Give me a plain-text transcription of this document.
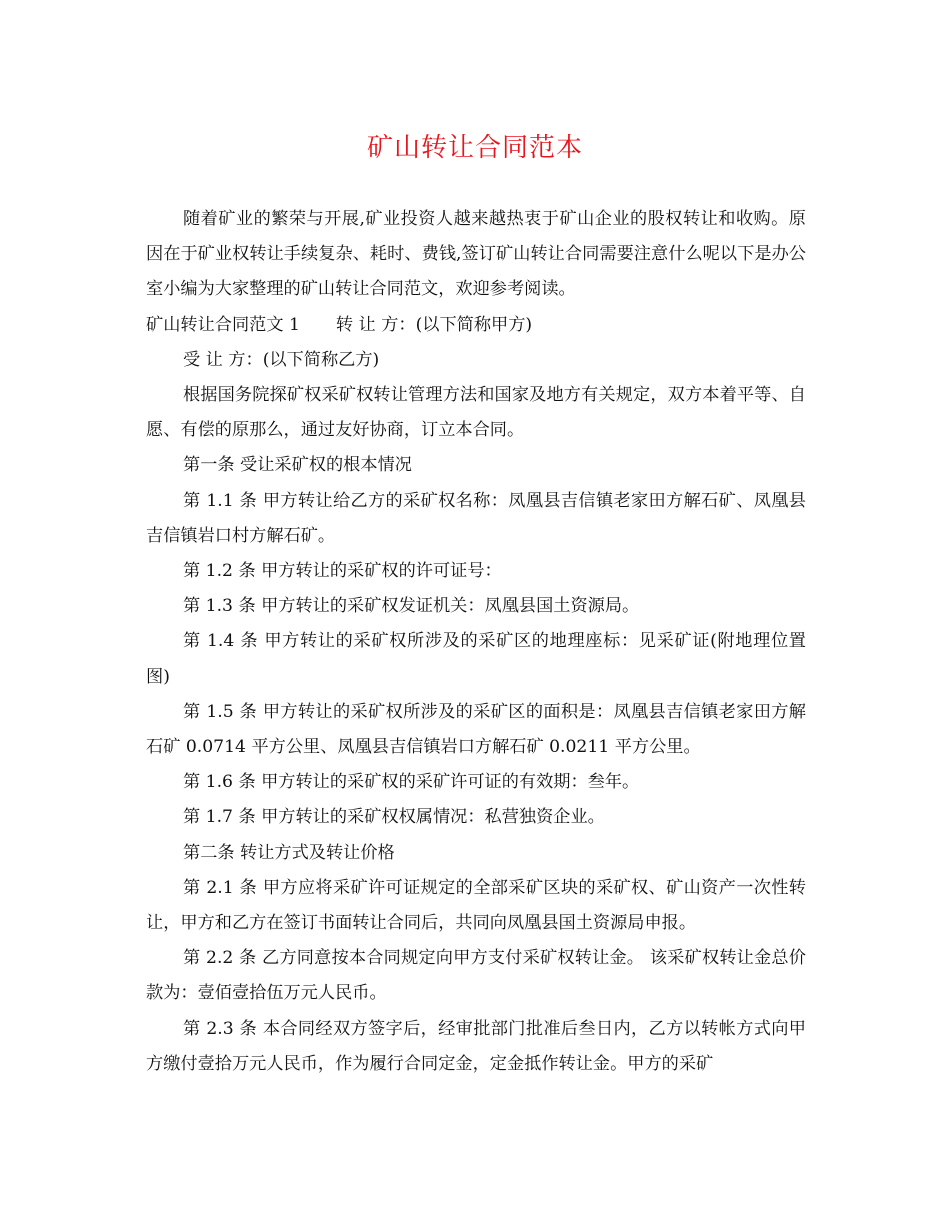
矿山转让合同范本

随着矿业的繁荣与开展,矿业投资人越来越热衷于矿山企业的股权转让和收购。原因在于矿业权转让手续复杂、耗时、费钱,签订矿山转让合同需要注意什么呢以下是办公室小编为大家整理的矿山转让合同范文，欢迎参考阅读。

矿山转让合同范文 1 转 让 方：(以下简称甲方)

受 让 方：(以下简称乙方)

根据国务院探矿权采矿权转让管理方法和国家及地方有关规定，双方本着平等、自愿、有偿的原那么，通过友好协商，订立本合同。

第一条 受让采矿权的根本情况

第 1.1 条 甲方转让给乙方的采矿权名称：凤凰县吉信镇老家田方解石矿、凤凰县吉信镇岩口村方解石矿。

第 1.2 条 甲方转让的采矿权的许可证号：

第 1.3 条 甲方转让的采矿权发证机关：凤凰县国土资源局。

第 1.4 条 甲方转让的采矿权所涉及的采矿区的地理座标：见采矿证(附地理位置图)

第 1.5 条 甲方转让的采矿权所涉及的采矿区的面积是：凤凰县吉信镇老家田方解石矿 0.0714 平方公里、凤凰县吉信镇岩口方解石矿 0.0211 平方公里。

第 1.6 条 甲方转让的采矿权的采矿许可证的有效期：叁年。

第 1.7 条 甲方转让的采矿权权属情况：私营独资企业。

第二条 转让方式及转让价格

第 2.1 条 甲方应将采矿许可证规定的全部采矿区块的采矿权、矿山资产一次性转让，甲方和乙方在签订书面转让合同后，共同向凤凰县国土资源局申报。

第 2.2 条 乙方同意按本合同规定向甲方支付采矿权转让金。 该采矿权转让金总价款为：壹佰壹拾伍万元人民币。

第 2.3 条 本合同经双方签字后，经审批部门批准后叁日内，乙方以转帐方式向甲方缴付壹拾万元人民币，作为履行合同定金，定金抵作转让金。甲方的采矿
